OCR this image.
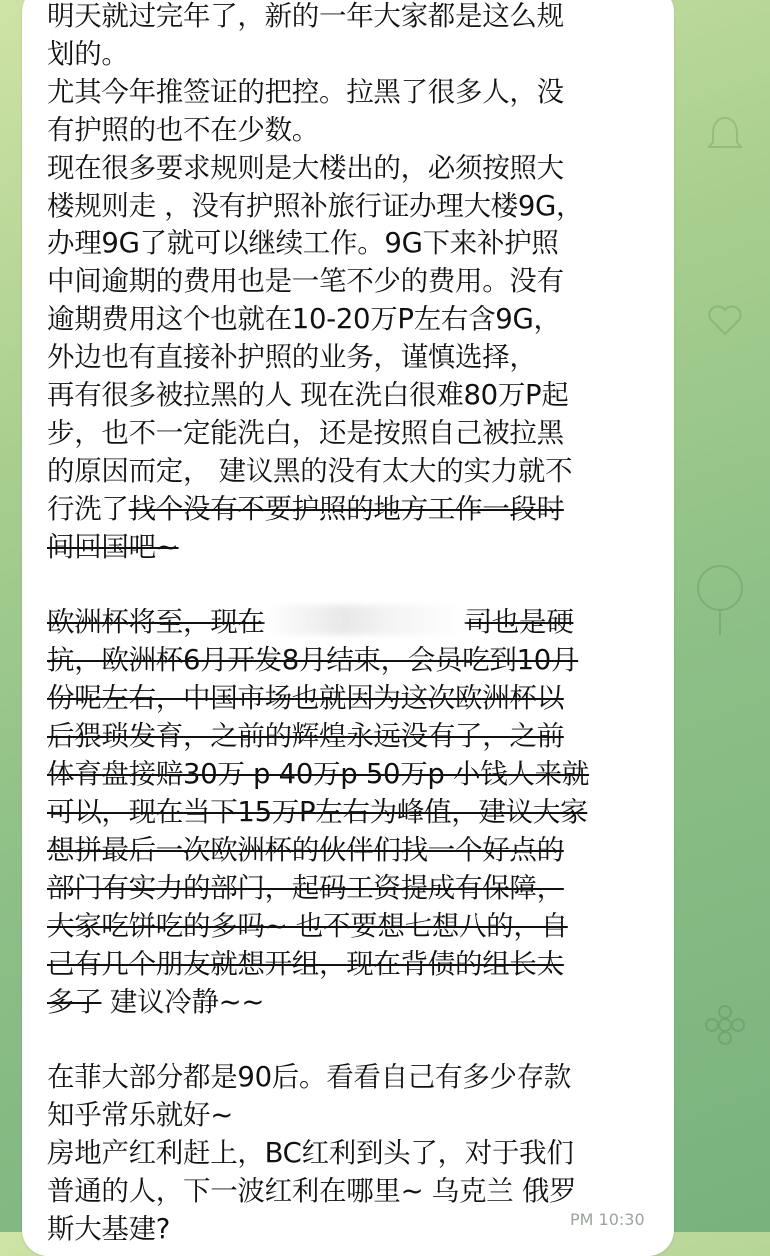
明天就过完年了，新的一年大家都是这么规

划的。

尤其今年推签证的把控。拉黑了很多人，没

有护照的也不在少数。

现在很多要求规则是大楼出的，必须按照大

楼规则走 ，没有护照补旅行证办理大楼9G，

办理9G了就可以继续工作。9G下来补护照

中间逾期的费用也是一笔不少的费用。没有

逾期费用这个也就在10-20万P左右含9G，

外边也有直接补护照的业务，谨慎选择，

再有很多被拉黑的人 现在洗白很难80万P起

步，也不一定能洗白，还是按照自己被拉黑

的原因而定， 建议黑的没有太大的实力就不

行洗了找个没有不要护照的地方工作一段时

间回国吧~

欧洲杯将至，现在	司也是硬

抗，欧洲杯6月开发8月结束，会员吃到10月

份呢左右，中国市场也就因为这次欧洲杯以

后猥琐发育，之前的辉煌永远没有了，之前

体育盘接赔30万 p 40万p 50万p 小钱人来就

可以，现在当下15万P左右为峰值，建议大家

想拼最后一次欧洲杯的伙伴们找一个好点的

部门有实力的部门，起码工资提成有保障，

大家吃饼吃的多吗~ 也不要想七想八的，自

己有几个朋友就想开组，现在背债的组长太

多了 建议冷静~~

在菲大部分都是90后。看看自己有多少存款

知乎常乐就好~

房地产红利赶上，BC红利到头了，对于我们

普通的人，下一波红利在哪里~ 乌克兰 俄罗

斯大基建?	PM 10:30
